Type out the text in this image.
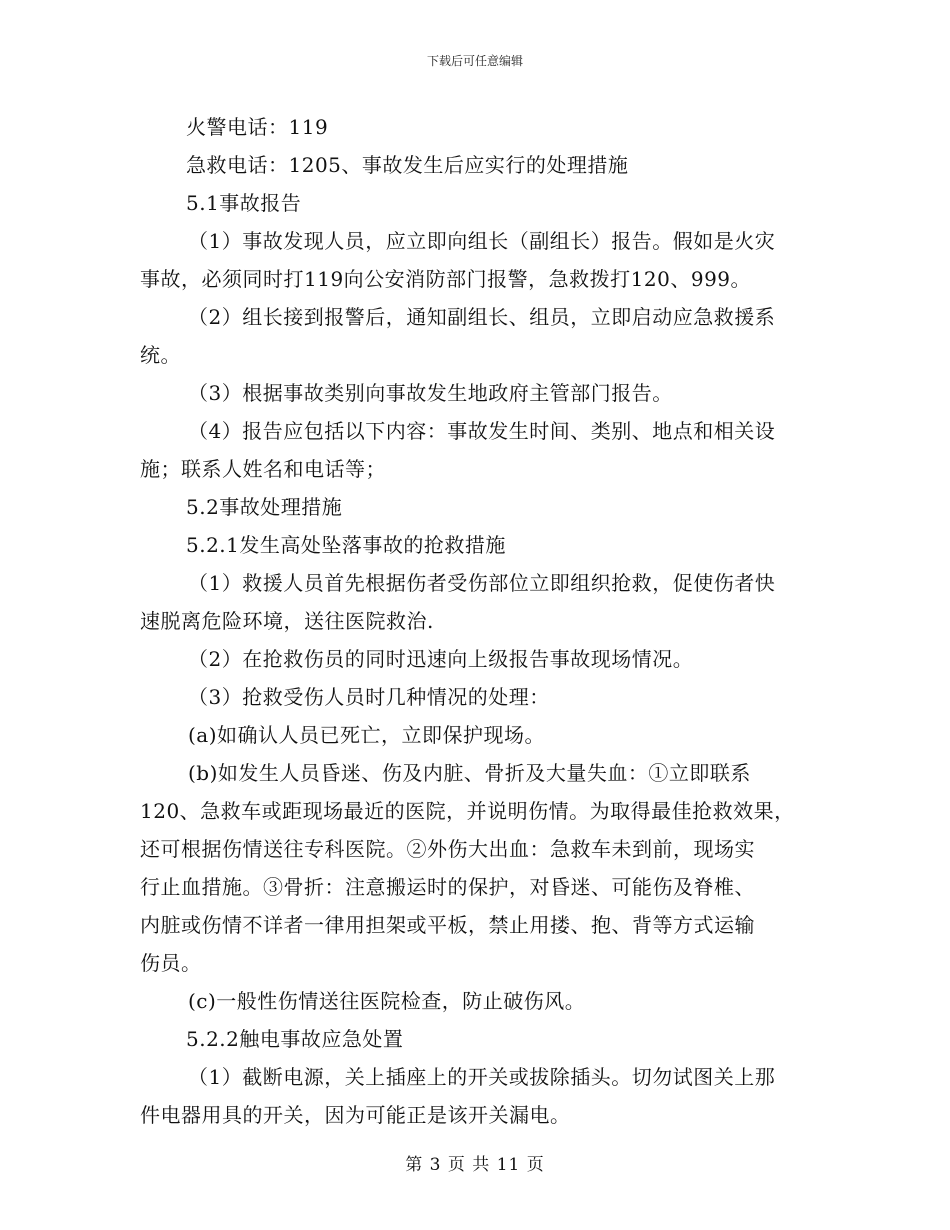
下载后可任意编辑
火警电话：119
急救电话：1205、事故发生后应实行的处理措施
5.1事故报告
（1）事故发现人员，应立即向组长（副组长）报告。假如是火灾
事故，必须同时打119向公安消防部门报警，急救拨打120、999。
（2）组长接到报警后，通知副组长、组员，立即启动应急救援系
统。
（3）根据事故类别向事故发生地政府主管部门报告。
（4）报告应包括以下内容：事故发生时间、类别、地点和相关设
施；联系人姓名和电话等；
5.2事故处理措施
5.2.1发生高处坠落事故的抢救措施
（1）救援人员首先根据伤者受伤部位立即组织抢救，促使伤者快
速脱离危险环境，送往医院救治.
（2）在抢救伤员的同时迅速向上级报告事故现场情况。
（3）抢救受伤人员时几种情况的处理：
(a)如确认人员已死亡，立即保护现场。
(b)如发生人员昏迷、伤及内脏、骨折及大量失血：①立即联系
120、急救车或距现场最近的医院，并说明伤情。为取得最佳抢救效果，
还可根据伤情送往专科医院。②外伤大出血：急救车未到前，现场实
行止血措施。③骨折：注意搬运时的保护，对昏迷、可能伤及脊椎、
内脏或伤情不详者一律用担架或平板，禁止用搂、抱、背等方式运输
伤员。
(c)一般性伤情送往医院检查，防止破伤风。
5.2.2触电事故应急处置
（1）截断电源，关上插座上的开关或拔除插头。切勿试图关上那
件电器用具的开关，因为可能正是该开关漏电。
第 3 页 共 11 页
